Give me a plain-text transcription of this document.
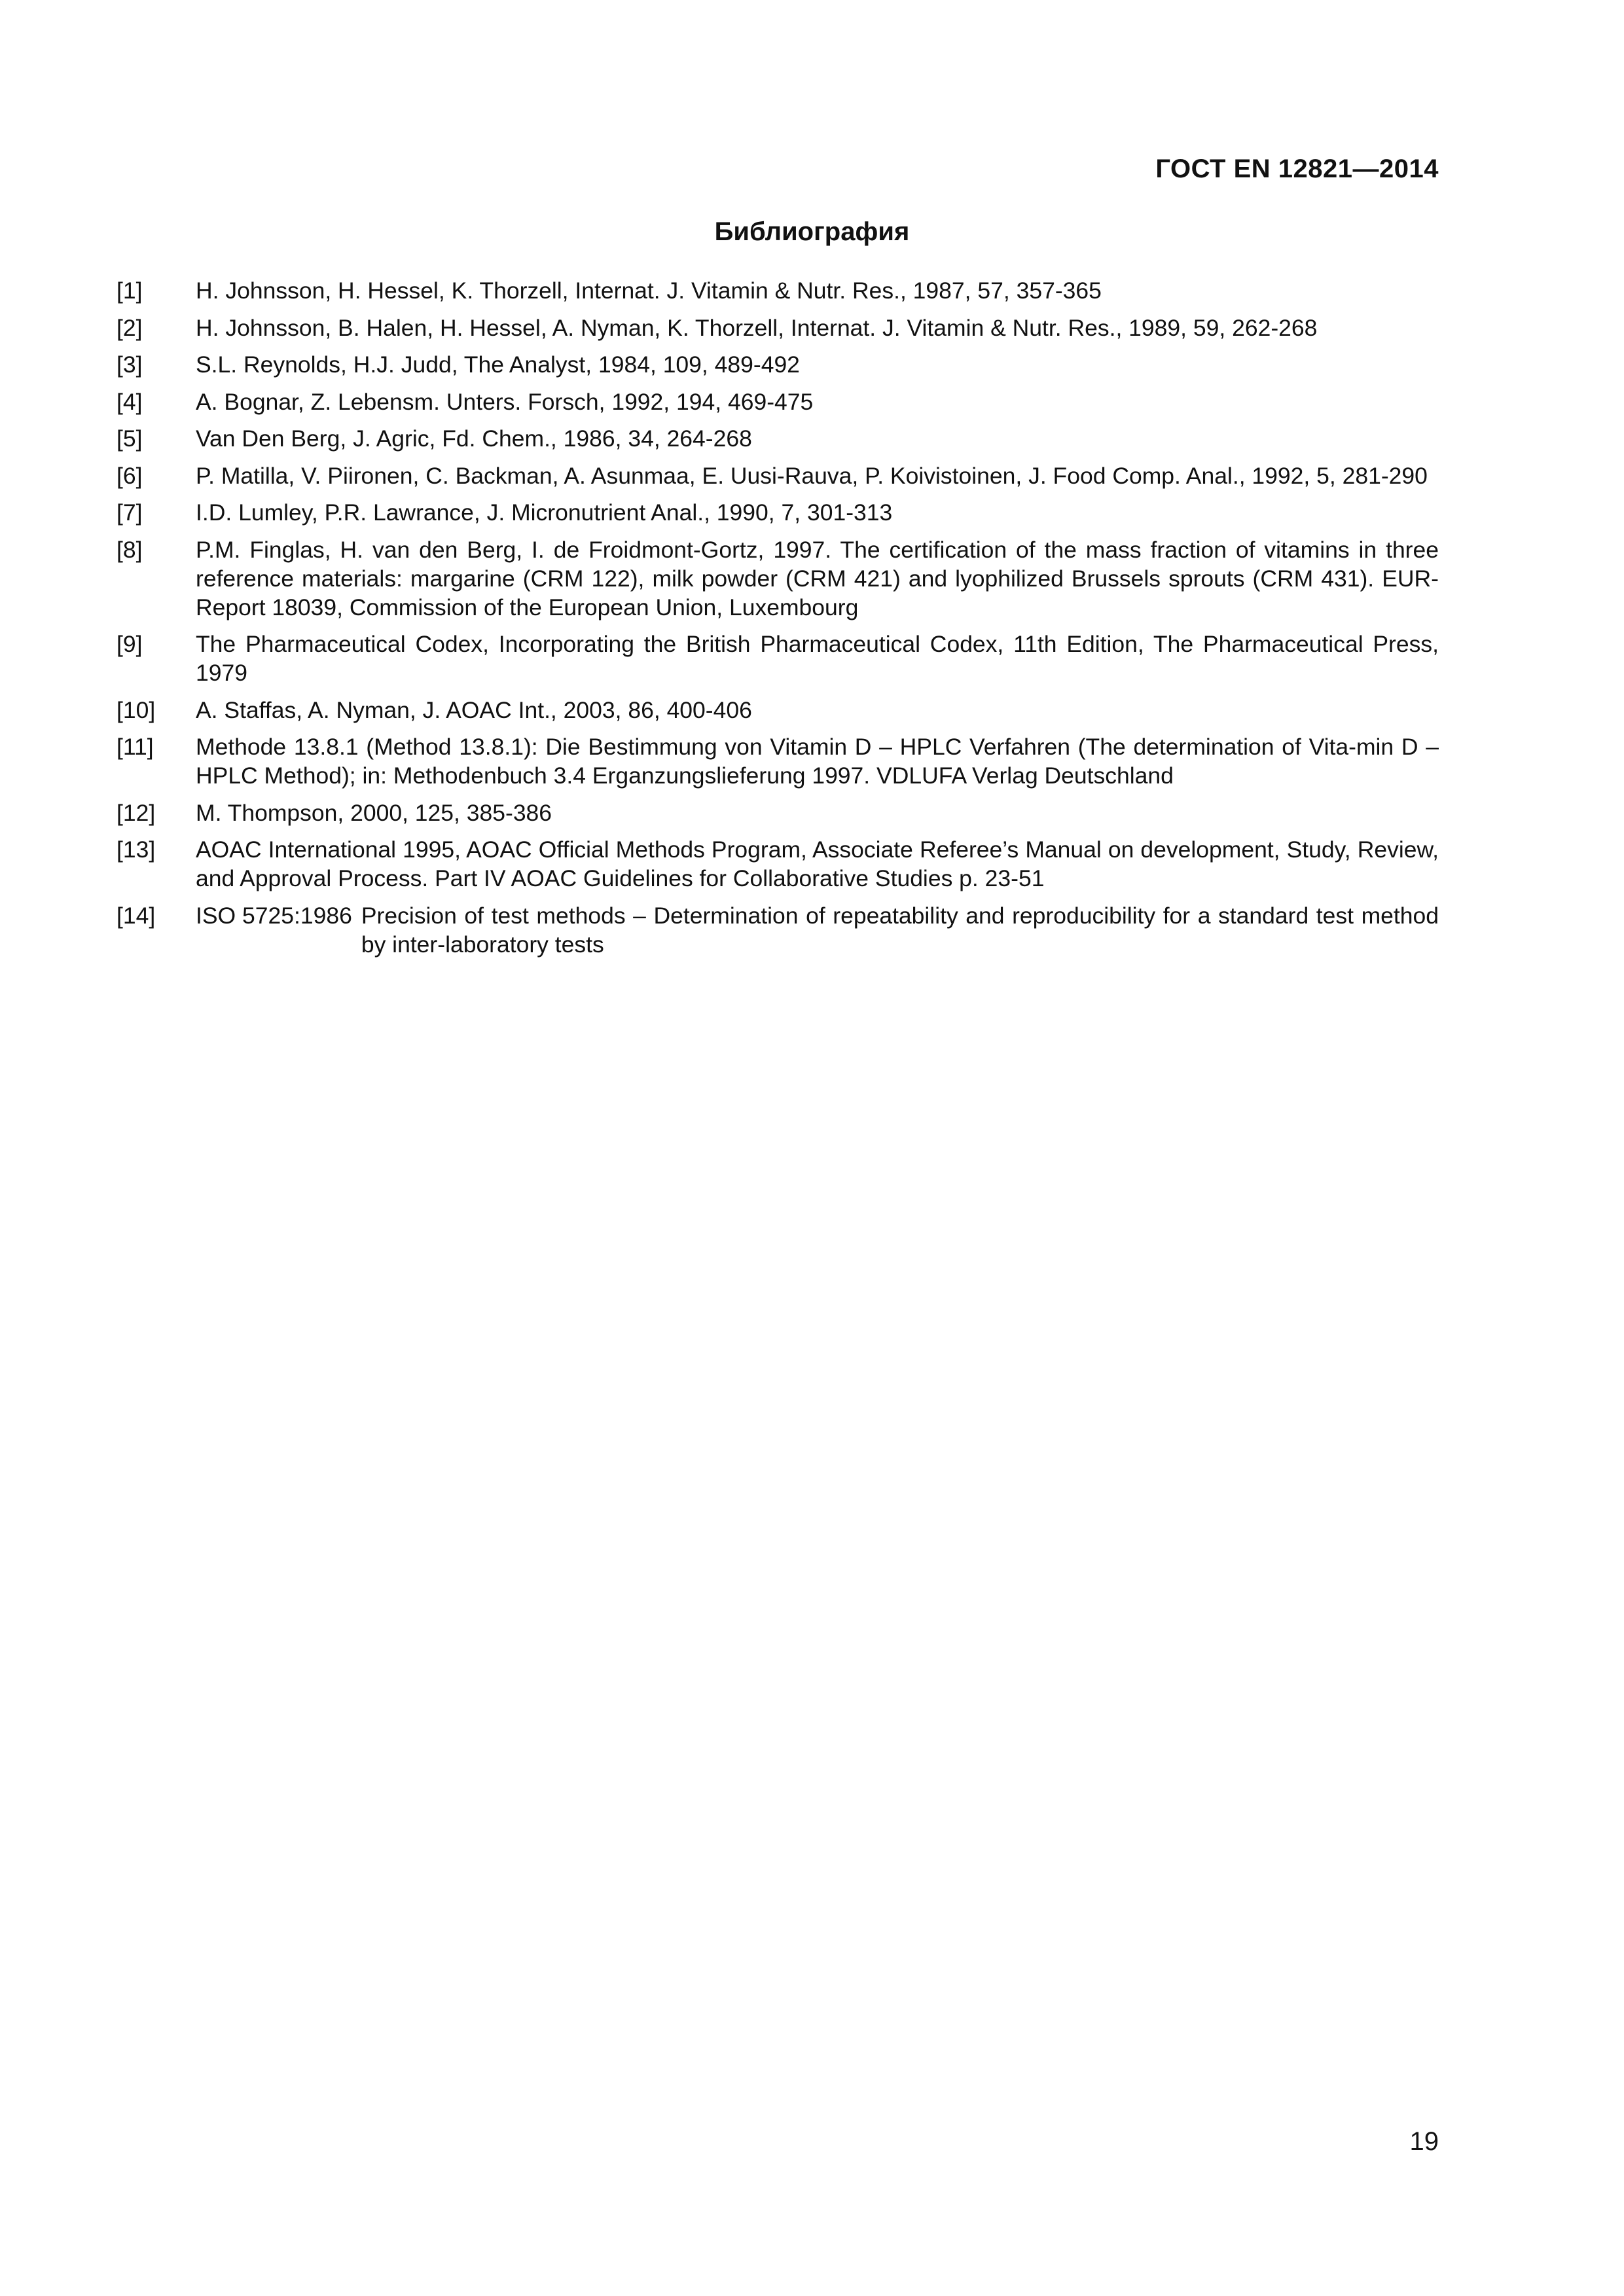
ГОСТ EN 12821—2014
Библиография
[1]	H. Johnsson, H. Hessel, K. Thorzell, Internat. J. Vitamin & Nutr. Res., 1987, 57, 357-365
[2]	H. Johnsson, B. Halen, H. Hessel, A. Nyman, K. Thorzell, Internat. J. Vitamin & Nutr. Res., 1989, 59, 262-268
[3]	S.L. Reynolds, H.J. Judd, The Analyst, 1984, 109, 489-492
[4]	A. Bognar, Z. Lebensm. Unters. Forsch, 1992, 194, 469-475
[5]	Van Den Berg, J. Agric, Fd. Chem., 1986, 34, 264-268
[6]	P. Matilla, V. Piironen, C. Backman, A. Asunmaa, E. Uusi-Rauva, P. Koivistoinen, J. Food Comp. Anal., 1992, 5, 281-290
[7]	I.D. Lumley, P.R. Lawrance, J. Micronutrient Anal., 1990, 7, 301-313
[8]	P.M. Finglas, H. van den Berg, I. de Froidmont-Gortz, 1997. The certification of the mass fraction of vitamins in three reference materials: margarine (CRM 122), milk powder (CRM 421) and lyophilized Brussels sprouts (CRM 431). EUR-Report 18039, Commission of the European Union, Luxembourg
[9]	The Pharmaceutical Codex, Incorporating the British Pharmaceutical Codex, 11th Edition, The Pharmaceutical Press, 1979
[10]	A. Staffas, A. Nyman, J. AOAC Int., 2003, 86, 400-406
[11]	Methode 13.8.1 (Method 13.8.1): Die Bestimmung von Vitamin D – HPLC Verfahren (The determination of Vita-min D – HPLC Method); in: Methodenbuch 3.4 Erganzungslieferung 1997. VDLUFA Verlag Deutschland
[12]	M. Thompson, 2000, 125, 385-386
[13]	AOAC International 1995, AOAC Official Methods Program, Associate Referee’s Manual on development, Study, Review, and Approval Process. Part IV AOAC Guidelines for Collaborative Studies p. 23-51
[14]	ISO 5725:1986 Precision of test methods – Determination of repeatability and reproducibility for a standard test method by inter-laboratory tests
19
